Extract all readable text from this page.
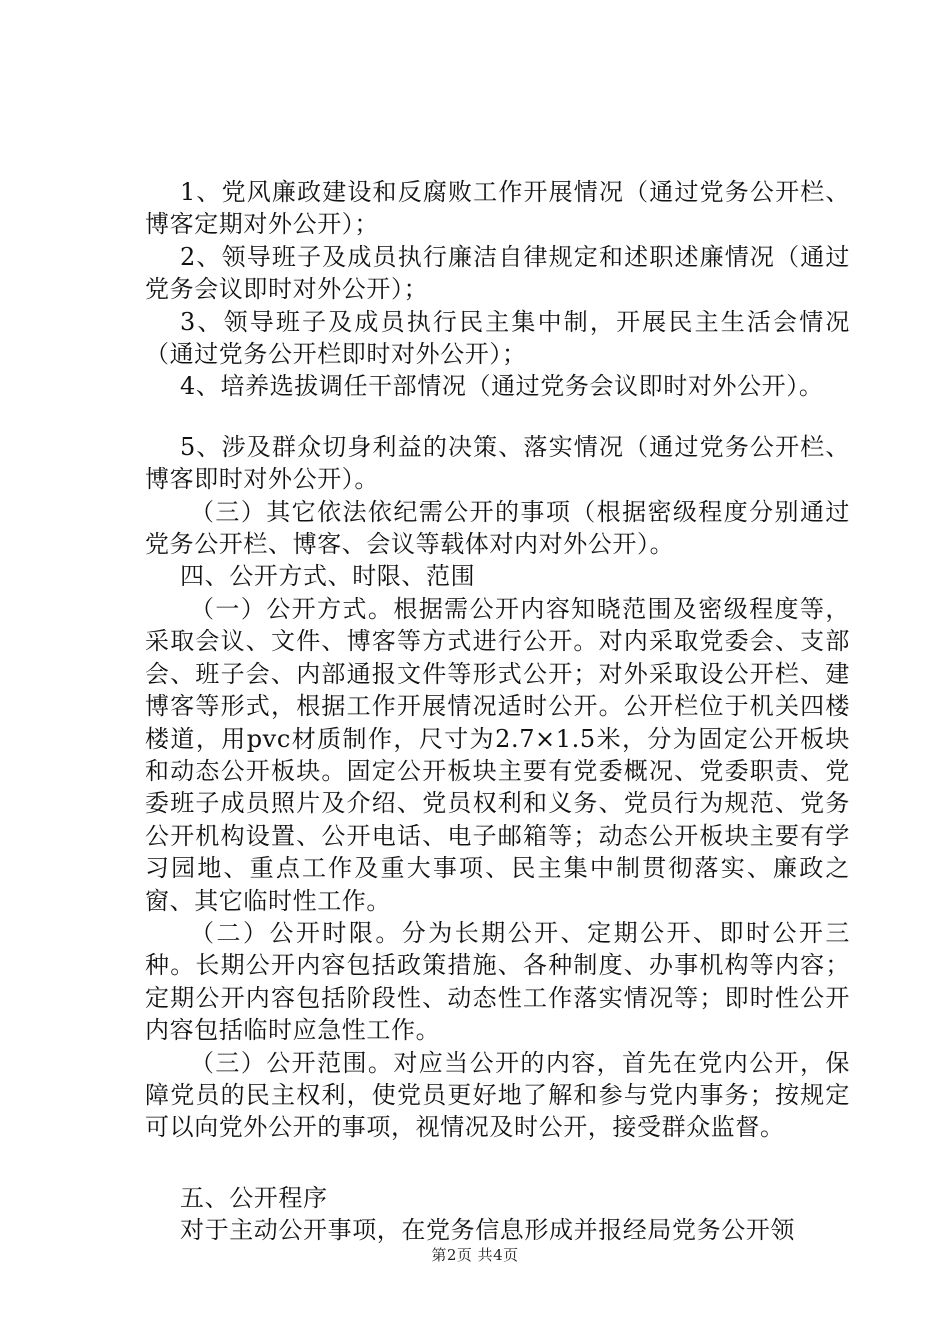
1、党风廉政建设和反腐败工作开展情况（通过党务公开栏、博客定期对外公开）；

2、领导班子及成员执行廉洁自律规定和述职述廉情况（通过党务会议即时对外公开）；

3、领导班子及成员执行民主集中制，开展民主生活会情况（通过党务公开栏即时对外公开）；

4、培养选拔调任干部情况（通过党务会议即时对外公开）。

5、涉及群众切身利益的决策、落实情况（通过党务公开栏、博客即时对外公开）。

（三）其它依法依纪需公开的事项（根据密级程度分别通过党务公开栏、博客、会议等载体对内对外公开）。

四、公开方式、时限、范围

（一）公开方式。根据需公开内容知晓范围及密级程度等，采取会议、文件、博客等方式进行公开。对内采取党委会、支部会、班子会、内部通报文件等形式公开；对外采取设公开栏、建博客等形式，根据工作开展情况适时公开。公开栏位于机关四楼楼道，用pvc材质制作，尺寸为2.7×1.5米，分为固定公开板块和动态公开板块。固定公开板块主要有党委概况、党委职责、党委班子成员照片及介绍、党员权利和义务、党员行为规范、党务公开机构设置、公开电话、电子邮箱等；动态公开板块主要有学习园地、重点工作及重大事项、民主集中制贯彻落实、廉政之窗、其它临时性工作。

（二）公开时限。分为长期公开、定期公开、即时公开三种。长期公开内容包括政策措施、各种制度、办事机构等内容；定期公开内容包括阶段性、动态性工作落实情况等；即时性公开内容包括临时应急性工作。

（三）公开范围。对应当公开的内容，首先在党内公开，保障党员的民主权利，使党员更好地了解和参与党内事务；按规定可以向党外公开的事项，视情况及时公开，接受群众监督。

五、公开程序

对于主动公开事项，在党务信息形成并报经局党务公开领

第2页 共4页
